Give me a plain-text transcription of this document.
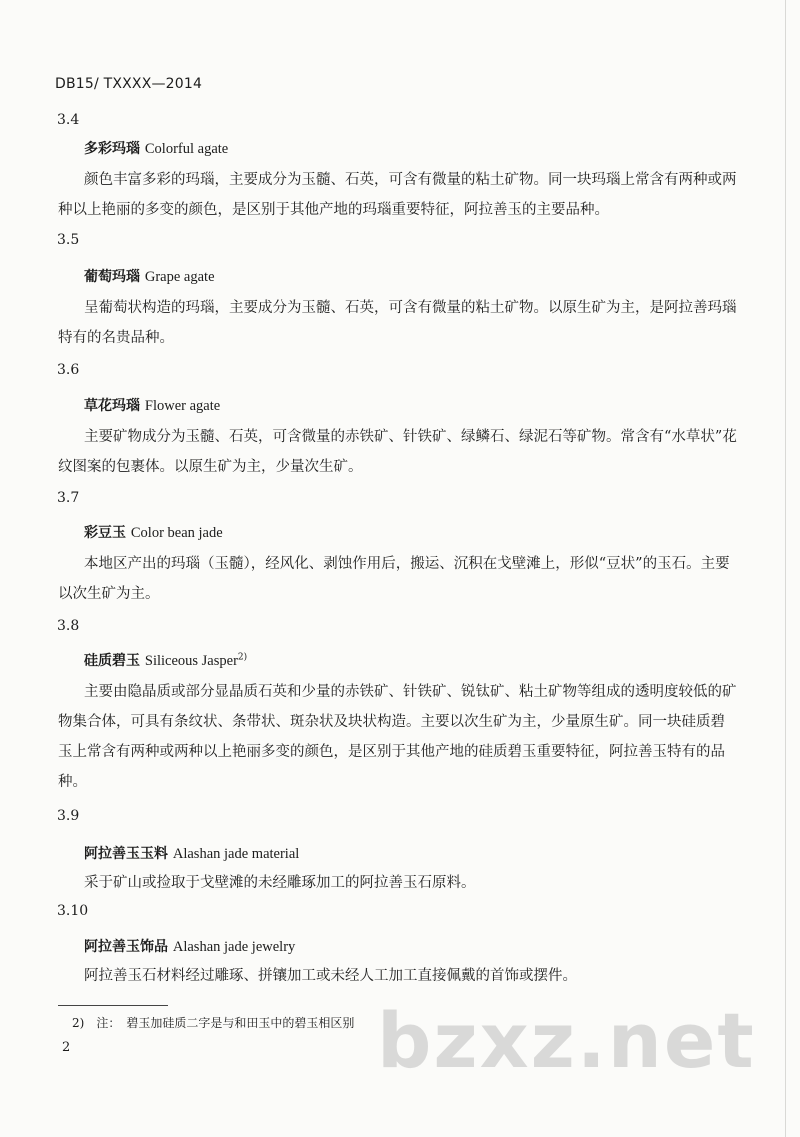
DB15/ TXXXX—2014
3.4
多彩玛瑙 Colorful agate

颜色丰富多彩的玛瑙，主要成分为玉髓、石英，可含有微量的粘土矿物。同一块玛瑙上常含有两种或两种以上艳丽的多变的颜色，是区别于其他产地的玛瑙重要特征，阿拉善玉的主要品种。

3.5
葡萄玛瑙 Grape agate

呈葡萄状构造的玛瑙，主要成分为玉髓、石英，可含有微量的粘土矿物。以原生矿为主，是阿拉善玛瑙特有的名贵品种。

3.6
草花玛瑙 Flower agate

主要矿物成分为玉髓、石英，可含微量的赤铁矿、针铁矿、绿鳞石、绿泥石等矿物。常含有“水草状”花纹图案的包裹体。以原生矿为主，少量次生矿。

3.7
彩豆玉 Color bean jade

本地区产出的玛瑙（玉髓），经风化、剥蚀作用后，搬运、沉积在戈壁滩上，形似“豆状”的玉石。主要以次生矿为主。

3.8
硅质碧玉 Siliceous Jasper$^{2)}$

主要由隐晶质或部分显晶质石英和少量的赤铁矿、针铁矿、锐钛矿、粘土矿物等组成的透明度较低的矿物集合体，可具有条纹状、条带状、斑杂状及块状构造。主要以次生矿为主，少量原生矿。同一块硅质碧玉上常含有两种或两种以上艳丽多变的颜色，是区别于其他产地的硅质碧玉重要特征，阿拉善玉特有的品种。

3.9
阿拉善玉玉料 Alashan jade material

采于矿山或捡取于戈壁滩的未经雕琢加工的阿拉善玉石原料。

3.10
阿拉善玉饰品 Alashan jade jewelry

阿拉善玉石材料经过雕琢、拼镶加工或未经人工加工直接佩戴的首饰或摆件。

2) 注： 碧玉加硅质二字是与和田玉中的碧玉相区别
2	bzxz.net
